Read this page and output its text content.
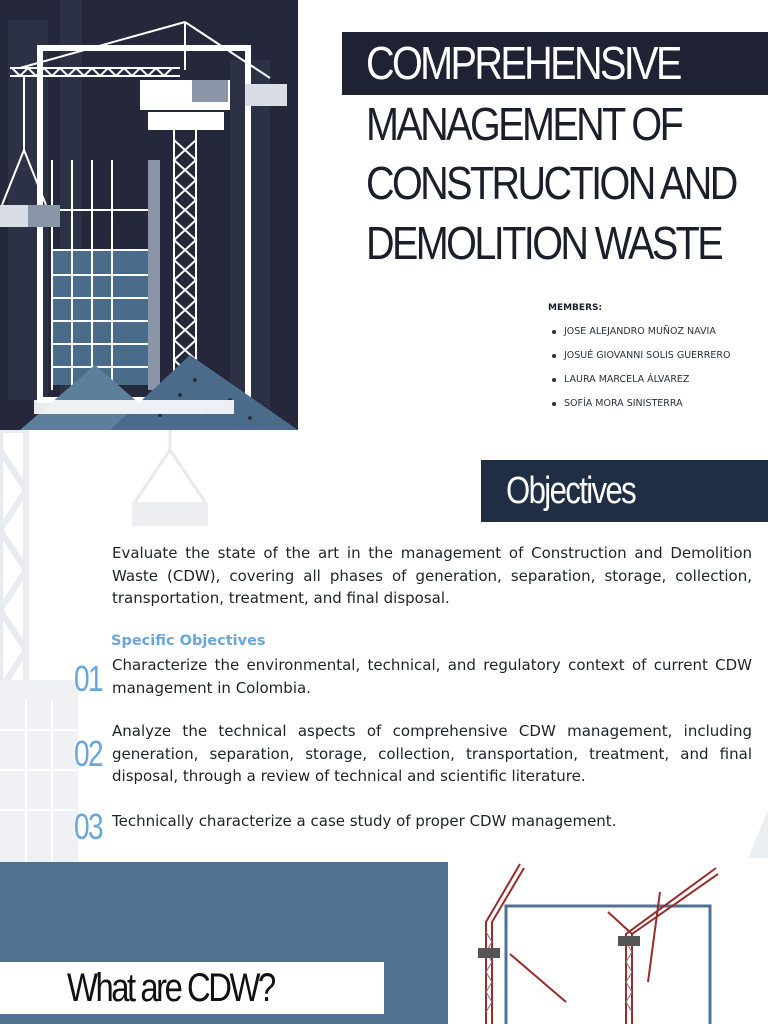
COMPREHENSIVE
MANAGEMENT OF
CONSTRUCTION AND
DEMOLITION WASTE
MEMBERS:
JOSE ALEJANDRO MUÑOZ NAVIA
JOSUÉ GIOVANNI SOLIS GUERRERO
LAURA MARCELA ÁLVAREZ
SOFÍA MORA SINISTERRA
Objectives
Evaluate the state of the art in the management of Construction and Demolition Waste (CDW), covering all phases of generation, separation, storage, collection, transportation, treatment, and final disposal.
Specific Objectives
01 Characterize the environmental, technical, and regulatory context of current CDW management in Colombia.
02
Analyze the technical aspects of comprehensive CDW management, including generation, separation, storage, collection, transportation, treatment, and final disposal, through a review of technical and scientific literature.
03 Technically characterize a case study of proper CDW management.
What are CDW?
